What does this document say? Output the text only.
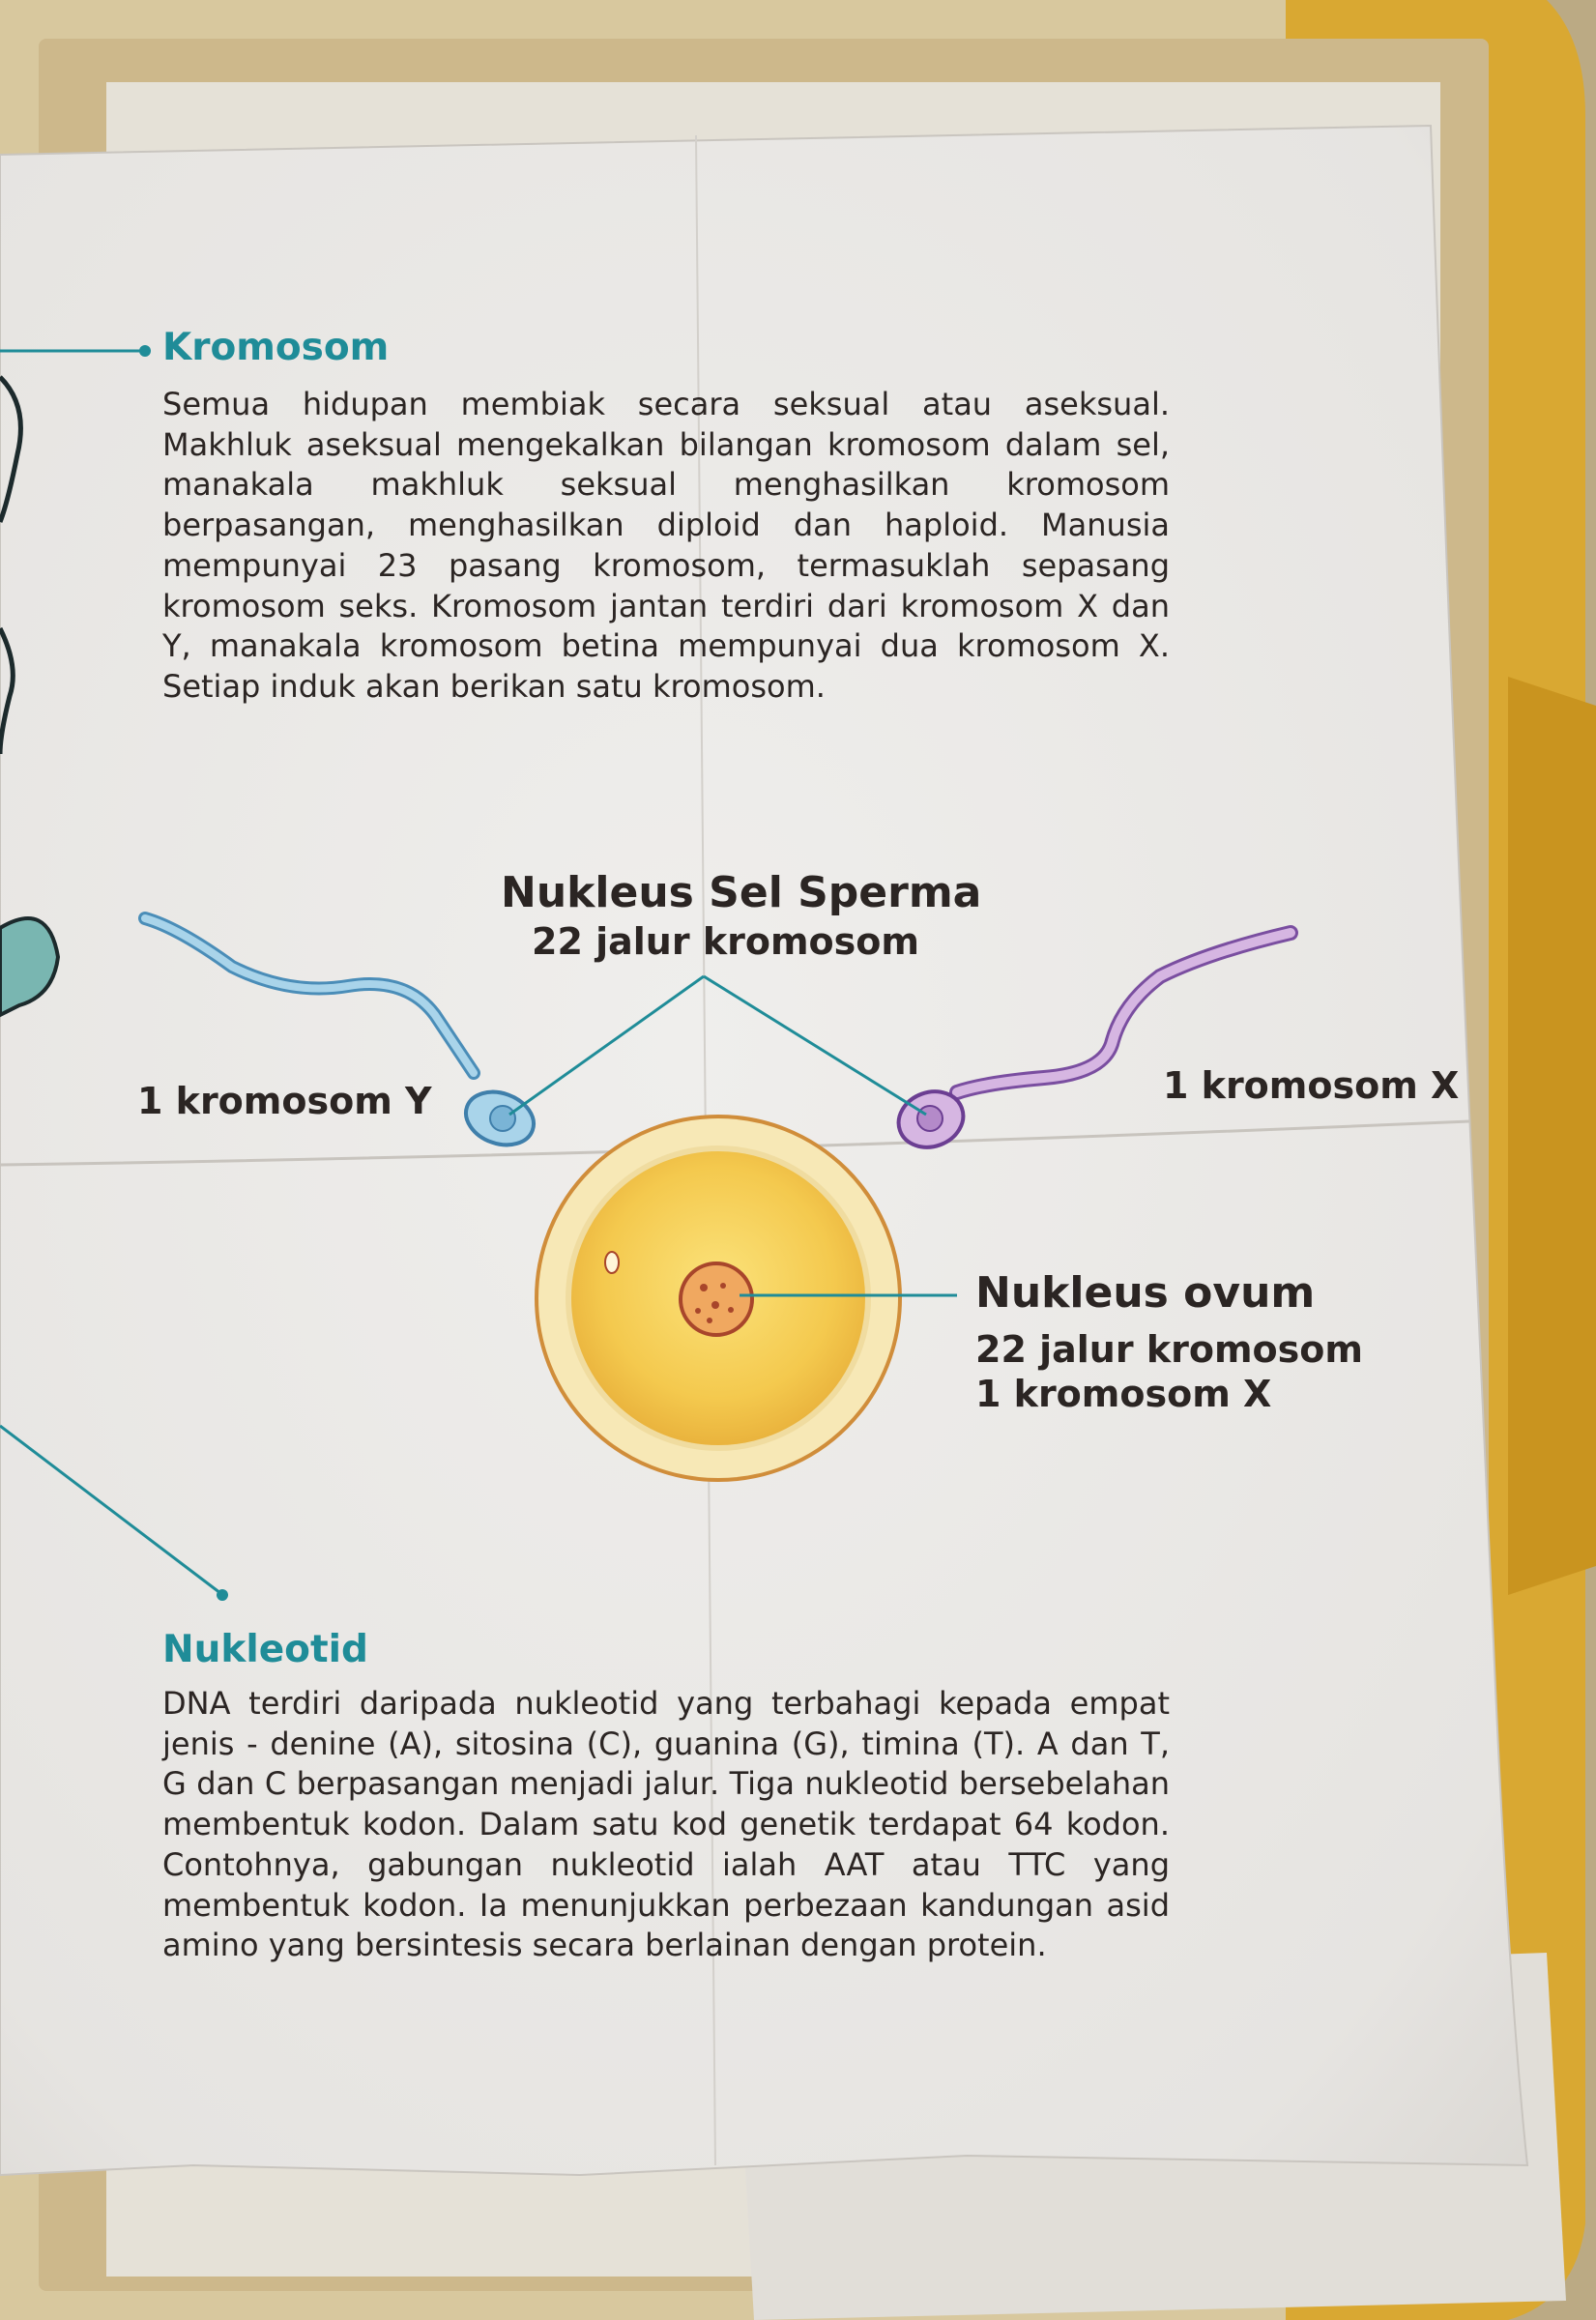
Kromosom
Semua hidupan membiak secara seksual atau aseksual. Makhluk aseksual mengekalkan bilangan kromosom dalam sel, manakala makhluk seksual menghasilkan kromosom berpasangan, menghasilkan diploid dan haploid. Manusia mempunyai 23 pasang kromosom, termasuklah sepasang kromosom seks. Kromosom jantan terdiri dari kromosom X dan Y, manakala kromosom betina mempunyai dua kromosom X. Setiap induk akan berikan satu kromosom.
Nukleus Sel Sperma
22 jalur kromosom
1 kromosom Y	1 kromosom X
Nukleus ovum
22 jalur kromosom
1 kromosom X
Nukleotid
DNA terdiri daripada nukleotid yang terbahagi kepada empat jenis - denine (A), sitosina (C), guanina (G), timina (T). A dan T, G dan C berpasangan menjadi jalur. Tiga nukleotid bersebelahan membentuk kodon. Dalam satu kod genetik terdapat 64 kodon. Contohnya, gabungan nukleotid ialah AAT atau TTC yang membentuk kodon. Ia menunjukkan perbezaan kandungan asid amino yang bersintesis secara berlainan dengan protein.
